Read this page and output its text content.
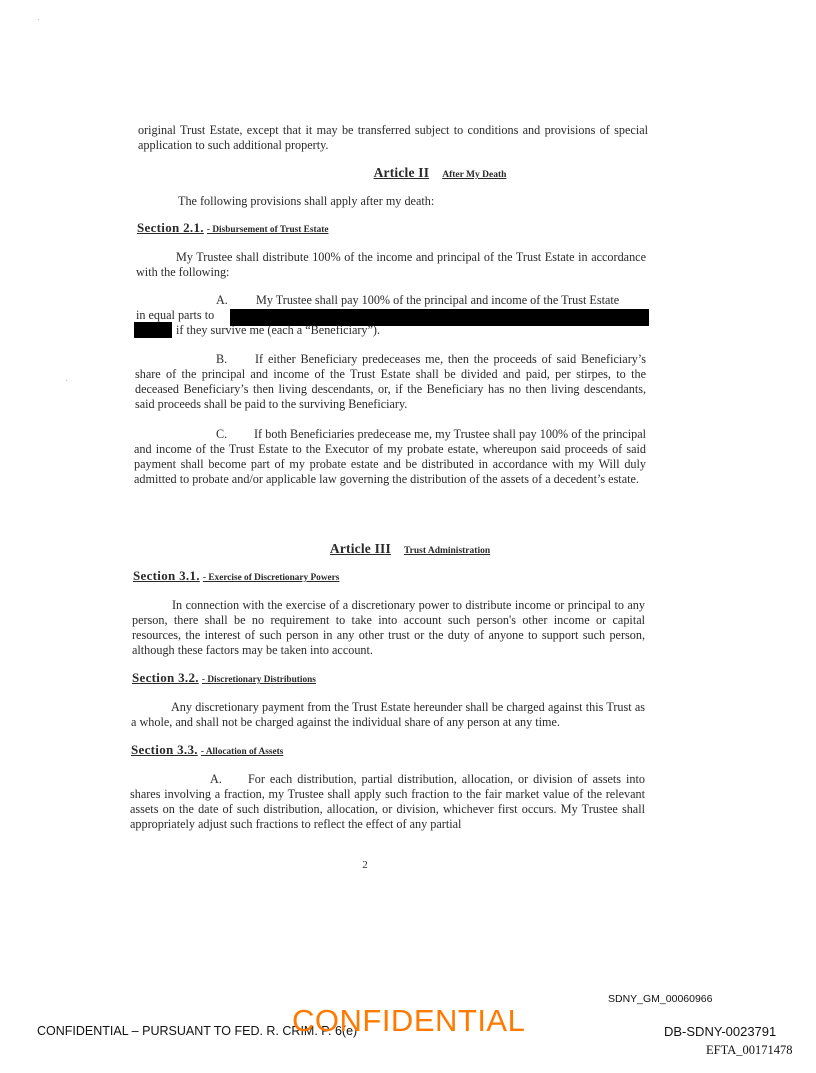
original Trust Estate, except that it may be transferred subject to conditions and provisions of special application to such additional property.

Article II After My Death

The following provisions shall apply after my death:

Section 2.1. - Disbursement of Trust Estate

My Trustee shall distribute 100% of the income and principal of the Trust Estate in accordance with the following:

A. My Trustee shall pay 100% of the principal and income of the Trust Estate

in equal parts to
if they survive me (each a “Beneficiary”).
B.	If either Beneficiary predeceases me, then the proceeds of said Beneficiary’s share of the principal and income of the Trust Estate shall be divided and paid, per stirpes, to the deceased Beneficiary’s then living descendants, or, if the Beneficiary has no then living descendants, said proceeds shall be paid to the surviving Beneficiary.

C.	If both Beneficiaries predecease me, my Trustee shall pay 100% of the principal and income of the Trust Estate to the Executor of my probate estate, whereupon said proceeds of said payment shall become part of my probate estate and be distributed in accordance with my Will duly admitted to probate and/or applicable law governing the distribution of the assets of a decedent’s estate.

Article III Trust Administration
Section 3.1. - Exercise of Discretionary Powers

In connection with the exercise of a discretionary power to distribute income or principal to any person, there shall be no requirement to take into account such person's other income or capital resources, the interest of such person in any other trust or the duty of anyone to support such person, although these factors may be taken into account.

Section 3.2. - Discretionary Distributions

Any discretionary payment from the Trust Estate hereunder shall be charged against this Trust as a whole, and shall not be charged against the individual share of any person at any time.

Section 3.3. - Allocation of Assets
A.	For each distribution, partial distribution, allocation, or division of assets into shares involving a fraction, my Trustee shall apply such fraction to the fair market value of the relevant assets on the date of such distribution, allocation, or division, whichever first occurs. My Trustee shall appropriately adjust such fractions to reflect the effect of any partial

2
SDNY_GM_00060966
CONFIDENTIAL – PURSUANT TO FED. R. CRIM. P. 6(e)
CONFIDENTIAL	DB-SDNY-0023791
EFTA_00171478
